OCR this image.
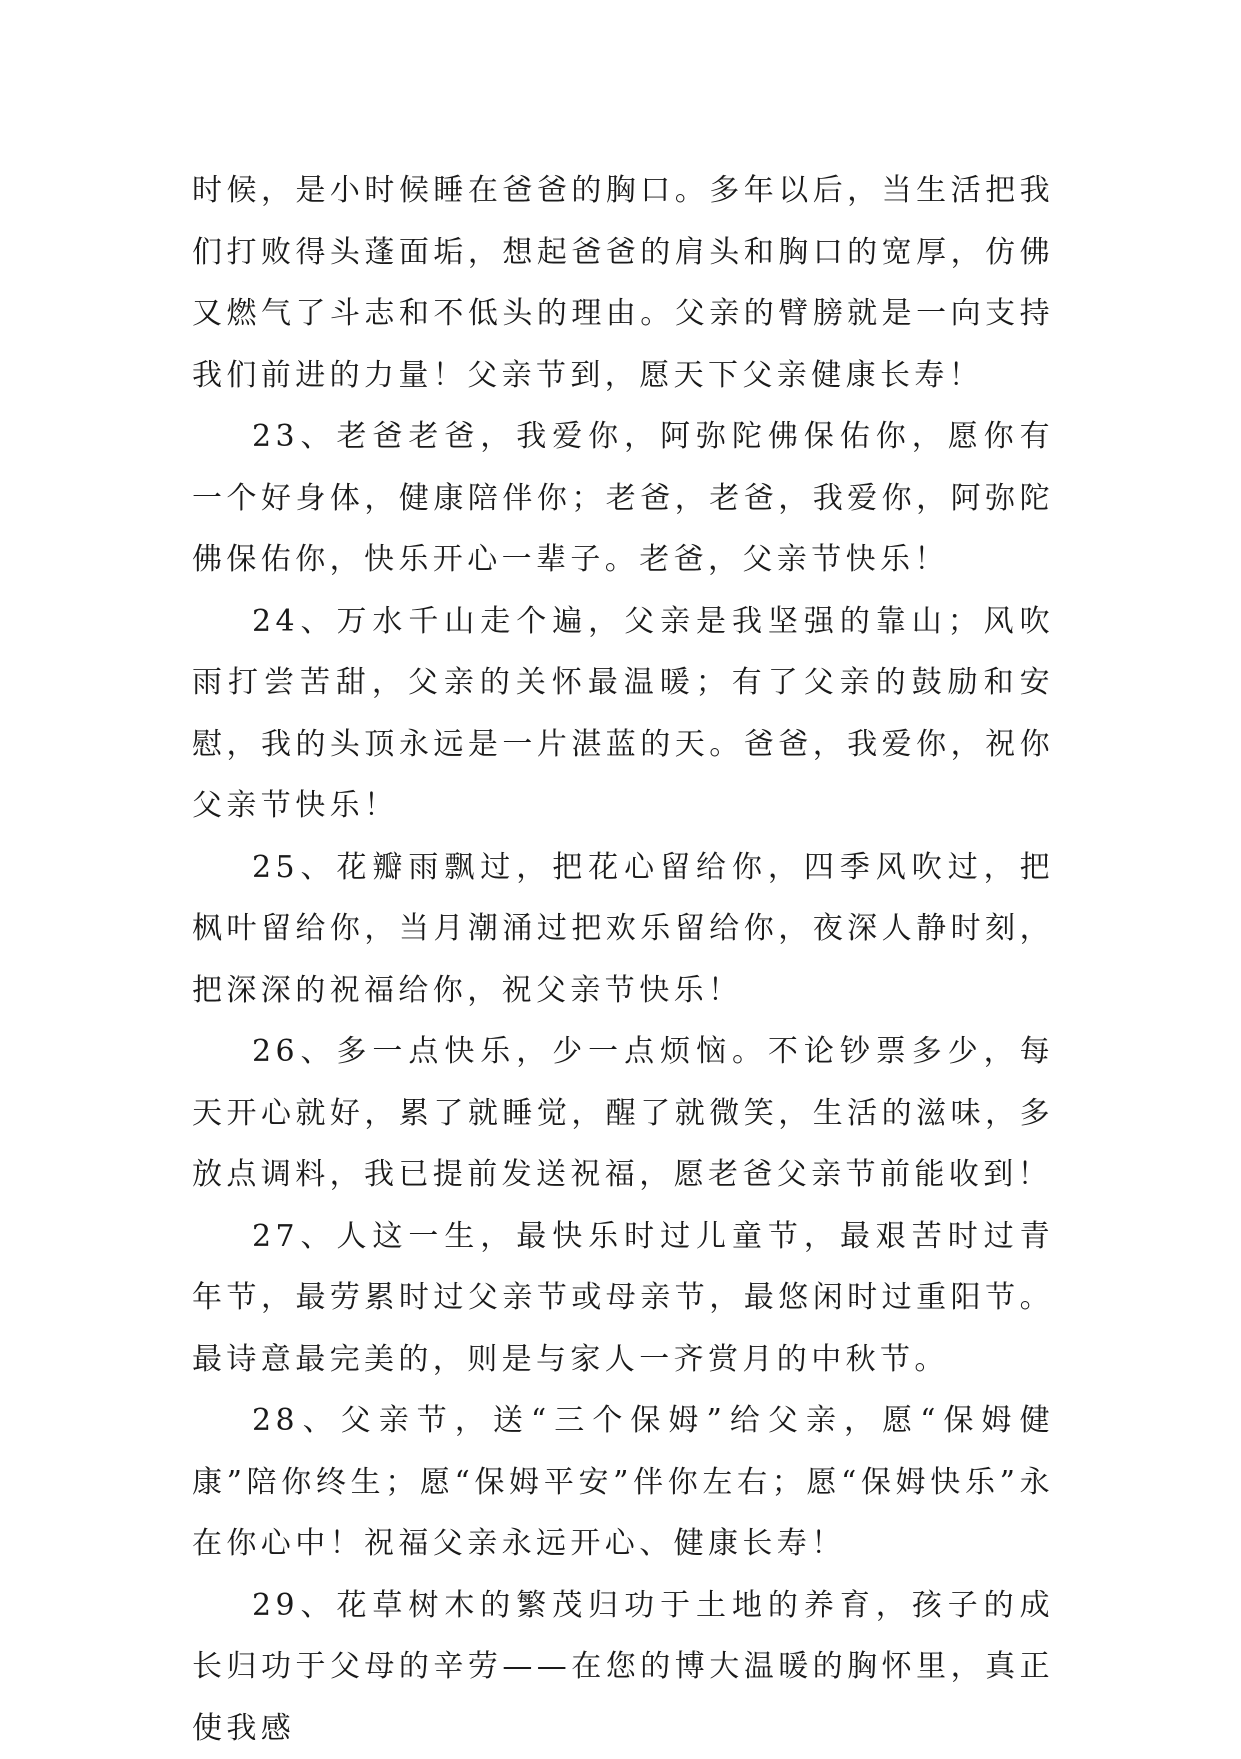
时候，是小时候睡在爸爸的胸口。多年以后，当生活把我们打败得头蓬面垢，想起爸爸的肩头和胸口的宽厚，仿佛又燃气了斗志和不低头的理由。父亲的臂膀就是一向支持我们前进的力量！父亲节到，愿天下父亲健康长寿！

23、老爸老爸，我爱你，阿弥陀佛保佑你，愿你有一个好身体，健康陪伴你；老爸，老爸，我爱你，阿弥陀佛保佑你，快乐开心一辈子。老爸，父亲节快乐！

24、万水千山走个遍，父亲是我坚强的靠山；风吹雨打尝苦甜，父亲的关怀最温暖；有了父亲的鼓励和安慰，我的头顶永远是一片湛蓝的天。爸爸，我爱你，祝你父亲节快乐！

25、花瓣雨飘过，把花心留给你，四季风吹过，把枫叶留给你，当月潮涌过把欢乐留给你，夜深人静时刻，把深深的祝福给你，祝父亲节快乐！

26、多一点快乐，少一点烦恼。不论钞票多少，每天开心就好，累了就睡觉，醒了就微笑，生活的滋味，多放点调料，我已提前发送祝福，愿老爸父亲节前能收到！

27、人这一生，最快乐时过儿童节，最艰苦时过青年节，最劳累时过父亲节或母亲节，最悠闲时过重阳节。最诗意最完美的，则是与家人一齐赏月的中秋节。

28、父亲节，送“三个保姆”给父亲，愿“保姆健康”陪你终生；愿“保姆平安”伴你左右；愿“保姆快乐”永在你心中！祝福父亲永远开心、健康长寿！

29、花草树木的繁茂归功于土地的养育，孩子的成长归功于父母的辛劳——在您的博大温暖的胸怀里，真正使我感
